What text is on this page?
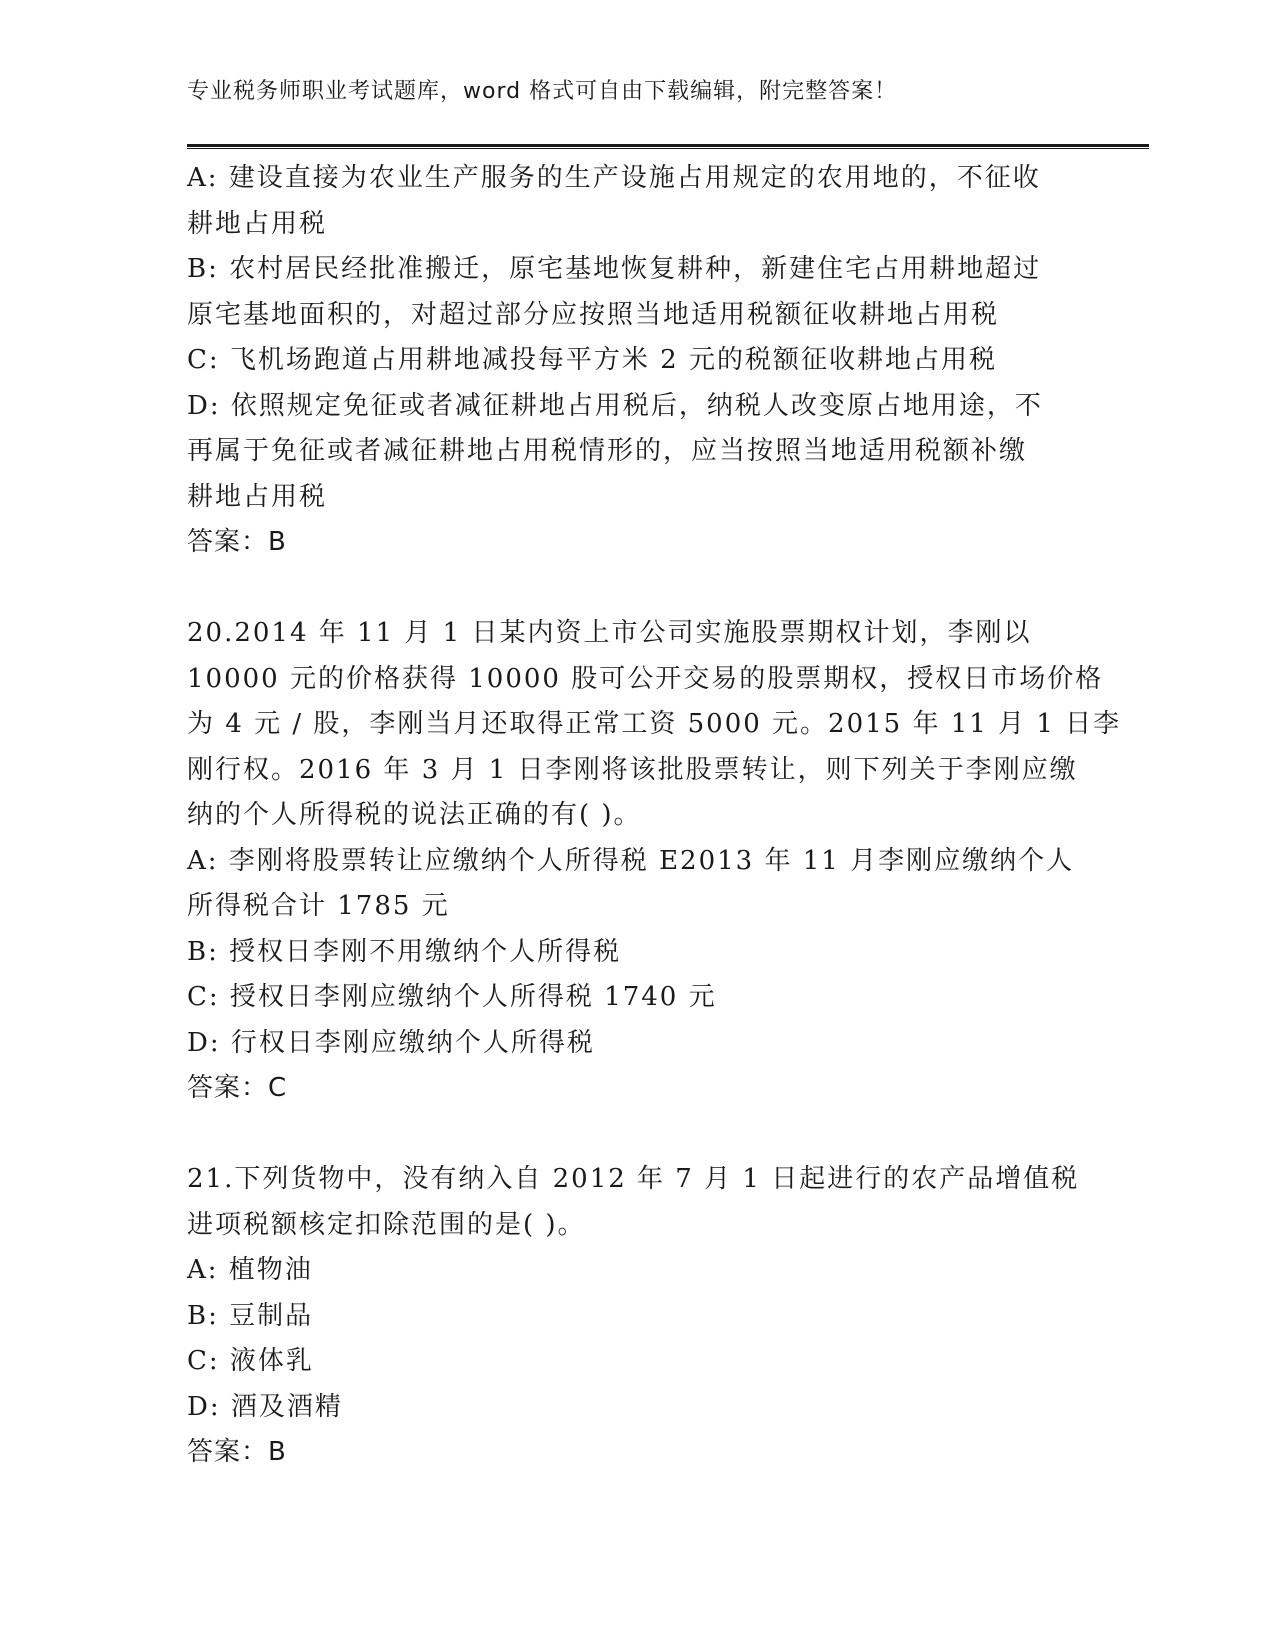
专业税务师职业考试题库，word 格式可自由下载编辑，附完整答案！
A: 建设直接为农业生产服务的生产设施占用规定的农用地的，不征收
耕地占用税
B: 农村居民经批准搬迁，原宅基地恢复耕种，新建住宅占用耕地超过
原宅基地面积的，对超过部分应按照当地适用税额征收耕地占用税
C: 飞机场跑道占用耕地减投每平方米 2 元的税额征收耕地占用税
D: 依照规定免征或者减征耕地占用税后，纳税人改变原占地用途，不
再属于免征或者减征耕地占用税情形的，应当按照当地适用税额补缴
耕地占用税
答案：B
20.2014 年 11 月 1 日某内资上市公司实施股票期权计划，李刚以
10000 元的价格获得 10000 股可公开交易的股票期权，授权日市场价格
为 4 元 / 股，李刚当月还取得正常工资 5000 元。2015 年 11 月 1 日李
刚行权。2016 年 3 月 1 日李刚将该批股票转让，则下列关于李刚应缴
纳的个人所得税的说法正确的有( )。
A: 李刚将股票转让应缴纳个人所得税 E2013 年 11 月李刚应缴纳个人
所得税合计 1785 元
B: 授权日李刚不用缴纳个人所得税
C: 授权日李刚应缴纳个人所得税 1740 元
D: 行权日李刚应缴纳个人所得税
答案：C
21.下列货物中，没有纳入自 2012 年 7 月 1 日起进行的农产品增值税
进项税额核定扣除范围的是( )。
A: 植物油
B: 豆制品
C: 液体乳
D: 酒及酒精
答案：B
